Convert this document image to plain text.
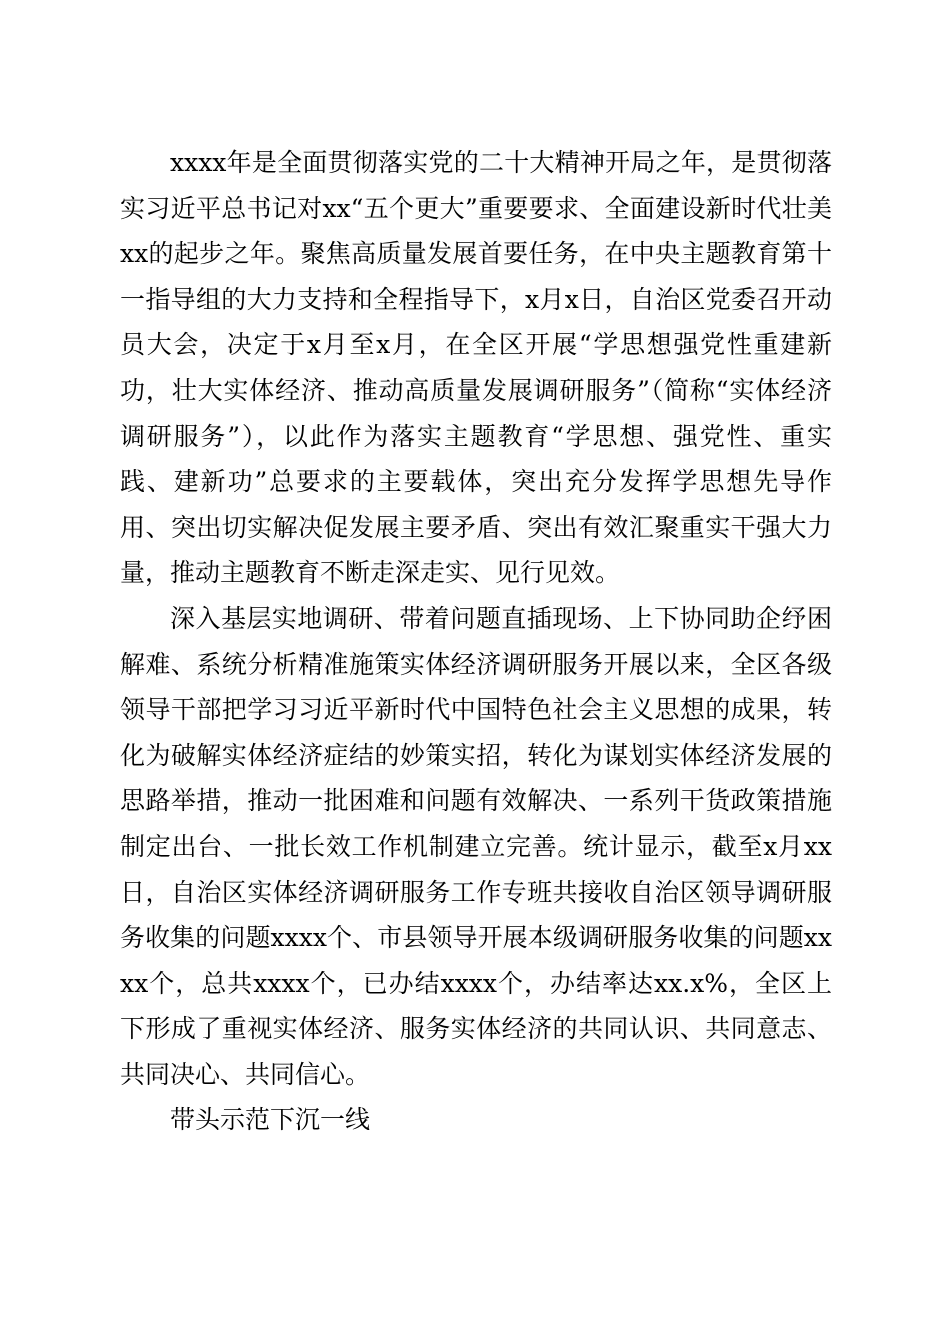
xxxx年是全面贯彻落实党的二十大精神开局之年，是贯彻落实习近平总书记对xx“五个更大”重要要求、全面建设新时代壮美xx的起步之年。聚焦高质量发展首要任务，在中央主题教育第十一指导组的大力支持和全程指导下，x月x日，自治区党委召开动员大会，决定于x月至x月，在全区开展“学思想强党性重建新功，壮大实体经济、推动高质量发展调研服务”（简称“实体经济调研服务”），以此作为落实主题教育“学思想、强党性、重实践、建新功”总要求的主要载体，突出充分发挥学思想先导作用、突出切实解决促发展主要矛盾、突出有效汇聚重实干强大力量，推动主题教育不断走深走实、见行见效。

深入基层实地调研、带着问题直插现场、上下协同助企纾困解难、系统分析精准施策实体经济调研服务开展以来，全区各级领导干部把学习习近平新时代中国特色社会主义思想的成果，转化为破解实体经济症结的妙策实招，转化为谋划实体经济发展的思路举措，推动一批困难和问题有效解决、一系列干货政策措施制定出台、一批长效工作机制建立完善。统计显示，截至x月xx日，自治区实体经济调研服务工作专班共接收自治区领导调研服务收集的问题xxxx个、市县领导开展本级调研服务收集的问题xxxx个，总共xxxx个，已办结xxxx个，办结率达xx.x%，全区上下形成了重视实体经济、服务实体经济的共同认识、共同意志、共同决心、共同信心。

带头示范下沉一线
